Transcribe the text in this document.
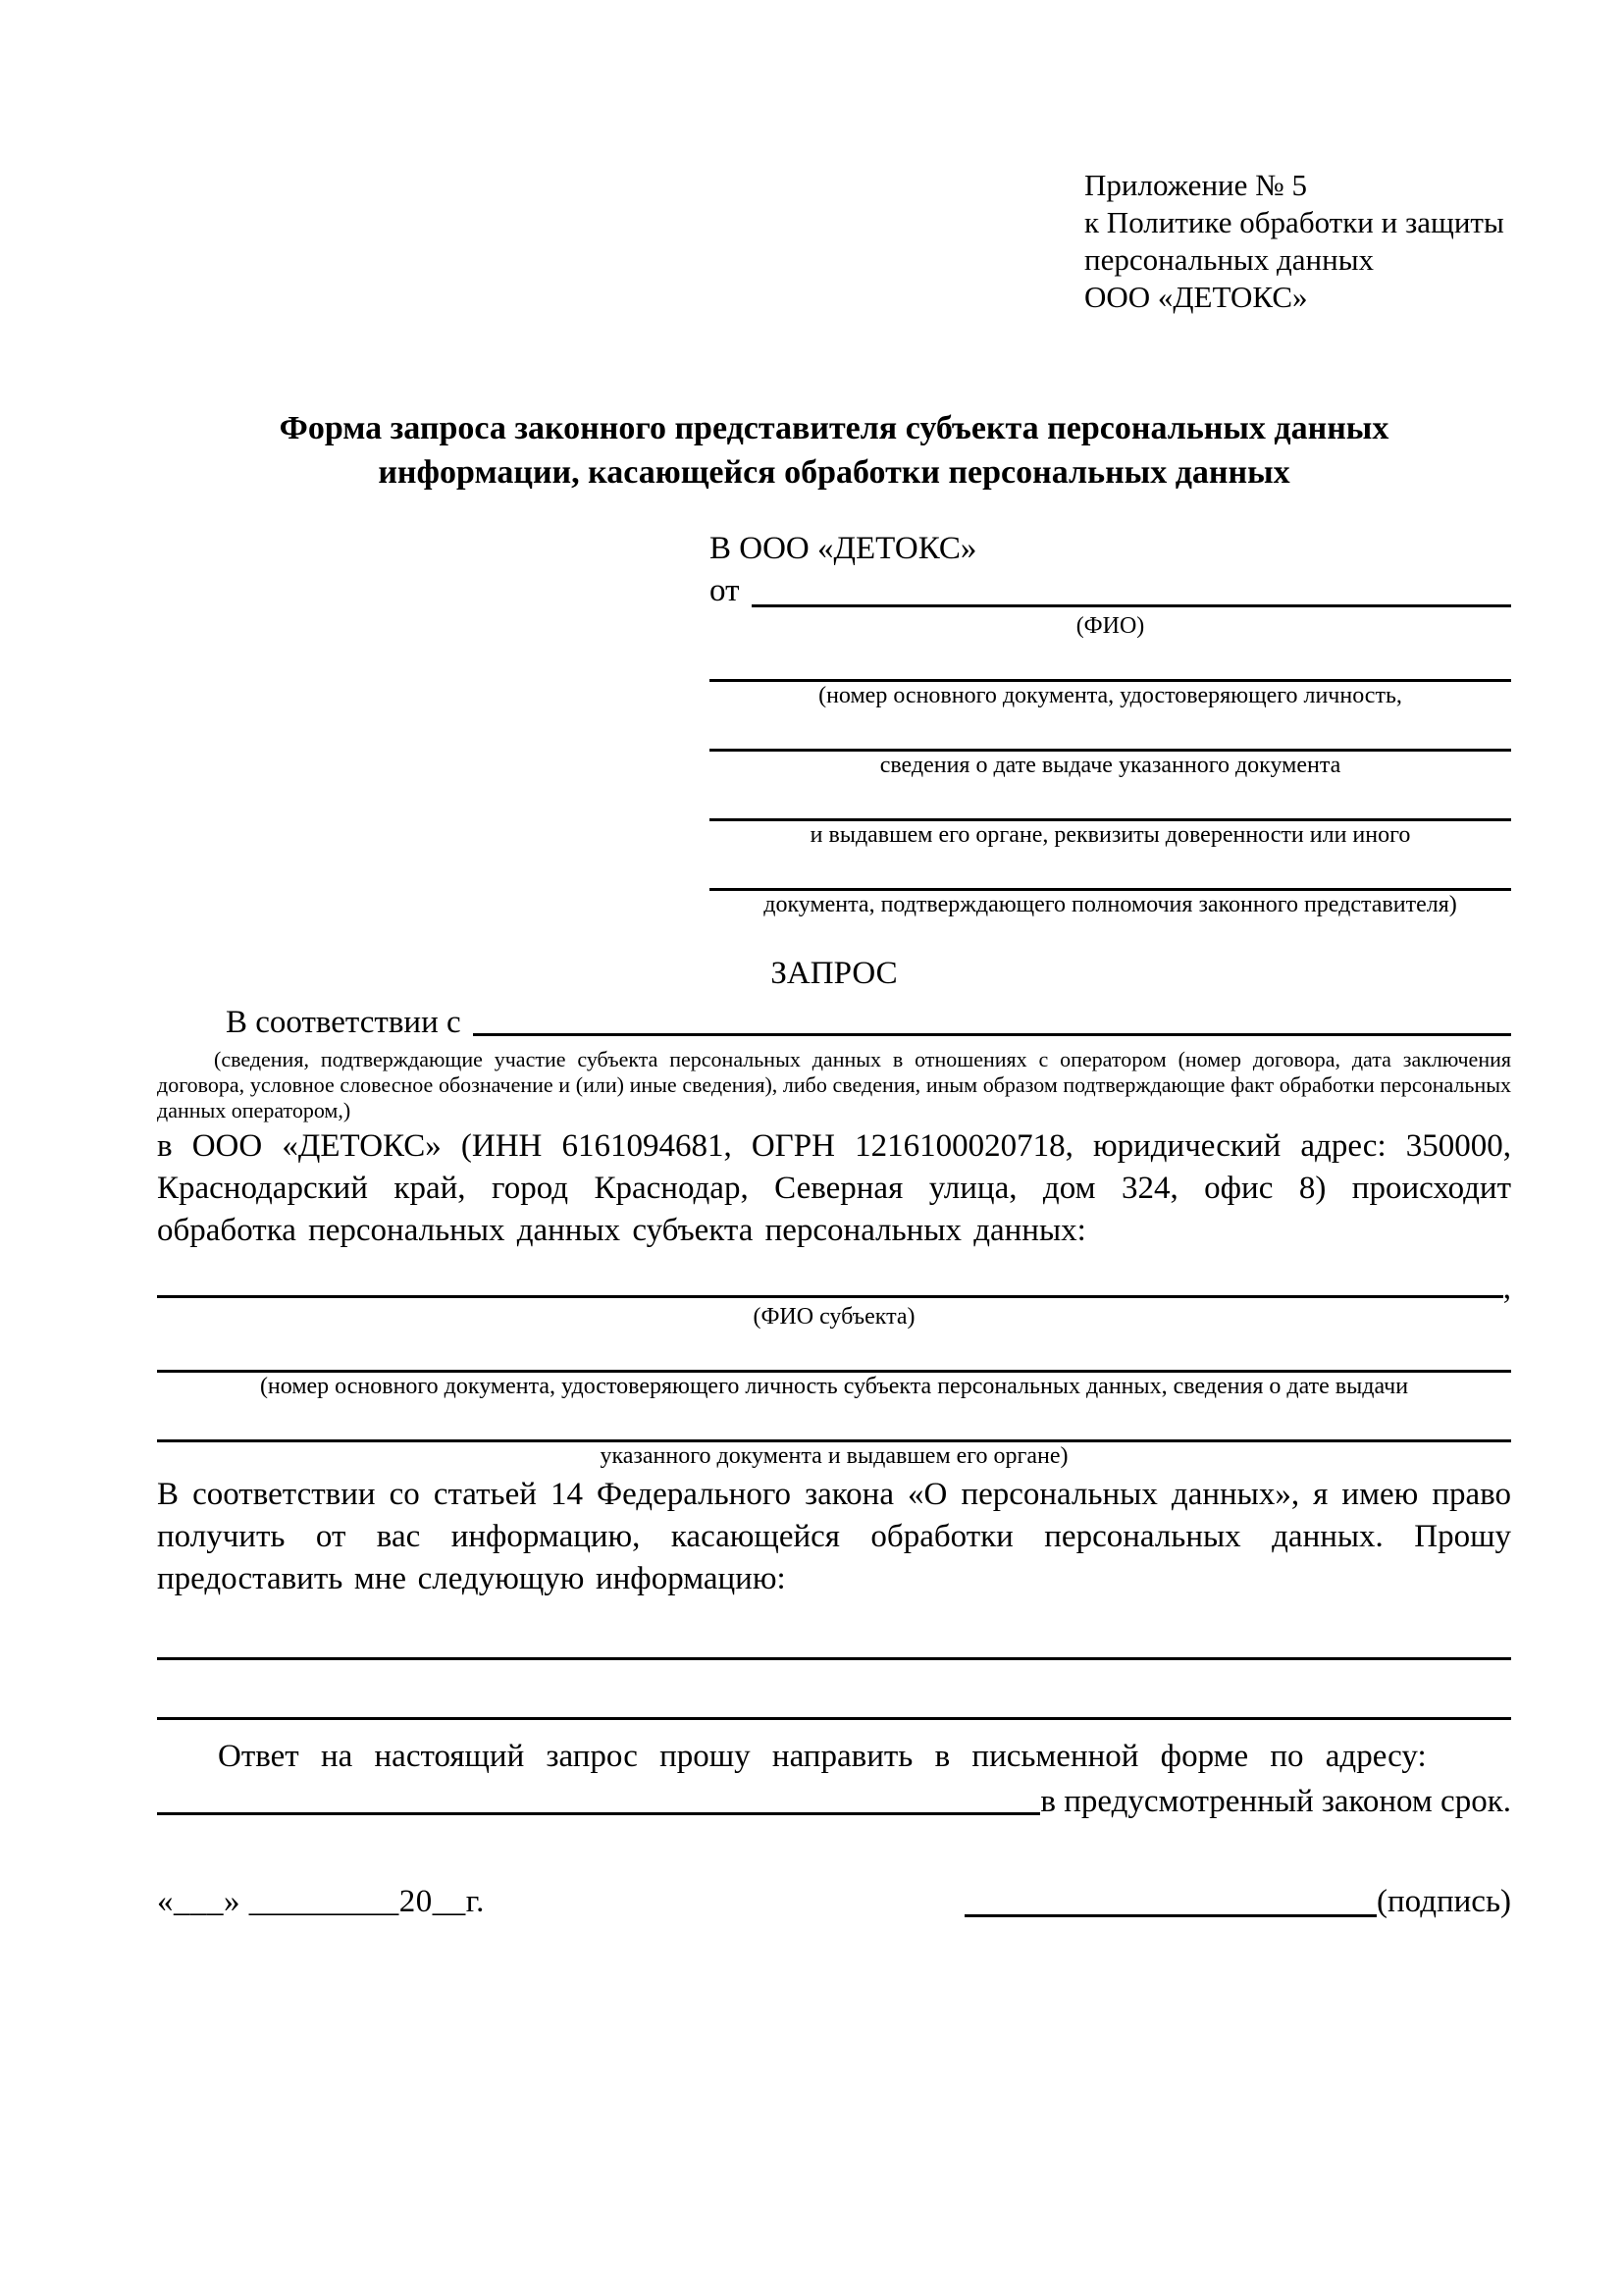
Приложение № 5
к Политике обработки и защиты
персональных данных
ООО «ДЕТОКС»
Форма запроса законного представителя субъекта персональных данных
информации, касающейся обработки персональных данных
В ООО «ДЕТОКС»
от
(ФИО)
(номер основного документа, удостоверяющего личность,
сведения о дате выдаче указанного документа
и выдавшем его органе, реквизиты доверенности или иного
документа, подтверждающего полномочия законного представителя)
ЗАПРОС
В соответствии с
(сведения, подтверждающие участие субъекта персональных данных в отношениях с оператором (номер договора, дата заключения договора, условное словесное обозначение и (или) иные сведения), либо сведения, иным образом подтверждающие факт обработки персональных данных оператором,)
в ООО «ДЕТОКС» (ИНН 6161094681, ОГРН 1216100020718, юридический адрес: 350000, Краснодарский край, город Краснодар, Северная улица, дом 324, офис 8) происходит обработка персональных данных субъекта персональных данных:
,
(ФИО субъекта)
(номер основного документа, удостоверяющего личность субъекта персональных данных, сведения о дате выдачи
указанного документа и выдавшем его органе)
В соответствии со статьей 14 Федерального закона «О персональных данных», я имею право получить от вас информацию, касающейся обработки персональных данных. Прошу предоставить мне следующую информацию:
Ответ на настоящий запрос прошу направить в письменной форме по адресу:
в предусмотренный законом срок.
«___» _________20__г.	(подпись)
